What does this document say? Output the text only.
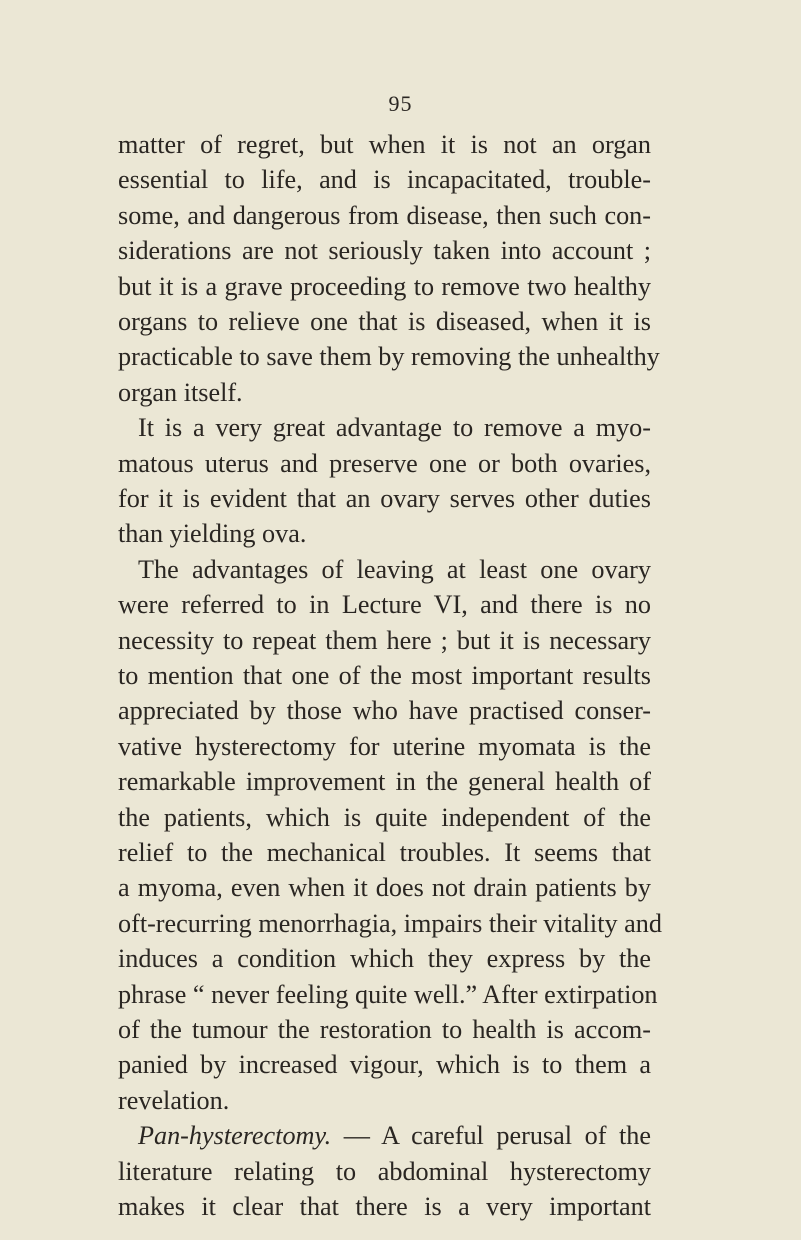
95
matter of regret, but when it is not an organ
essential to life, and is incapacitated, trouble-
some, and dangerous from disease, then such con-
siderations are not seriously taken into account ;
but it is a grave proceeding to remove two healthy
organs to relieve one that is diseased, when it is
practicable to save them by removing the unhealthy
organ itself.
It is a very great advantage to remove a myo-
matous uterus and preserve one or both ovaries,
for it is evident that an ovary serves other duties
than yielding ova.
The advantages of leaving at least one ovary
were referred to in Lecture VI, and there is no
necessity to repeat them here ; but it is necessary
to mention that one of the most important results
appreciated by those who have practised conser-
vative hysterectomy for uterine myomata is the
remarkable improvement in the general health of
the patients, which is quite independent of the
relief to the mechanical troubles. It seems that
a myoma, even when it does not drain patients by
oft-recurring menorrhagia, impairs their vitality and
induces a condition which they express by the
phrase “ never feeling quite well.” After extirpation
of the tumour the restoration to health is accom-
panied by increased vigour, which is to them a
revelation.
Pan-hysterectomy. — A careful perusal of the
literature relating to abdominal hysterectomy
makes it clear that there is a very important
